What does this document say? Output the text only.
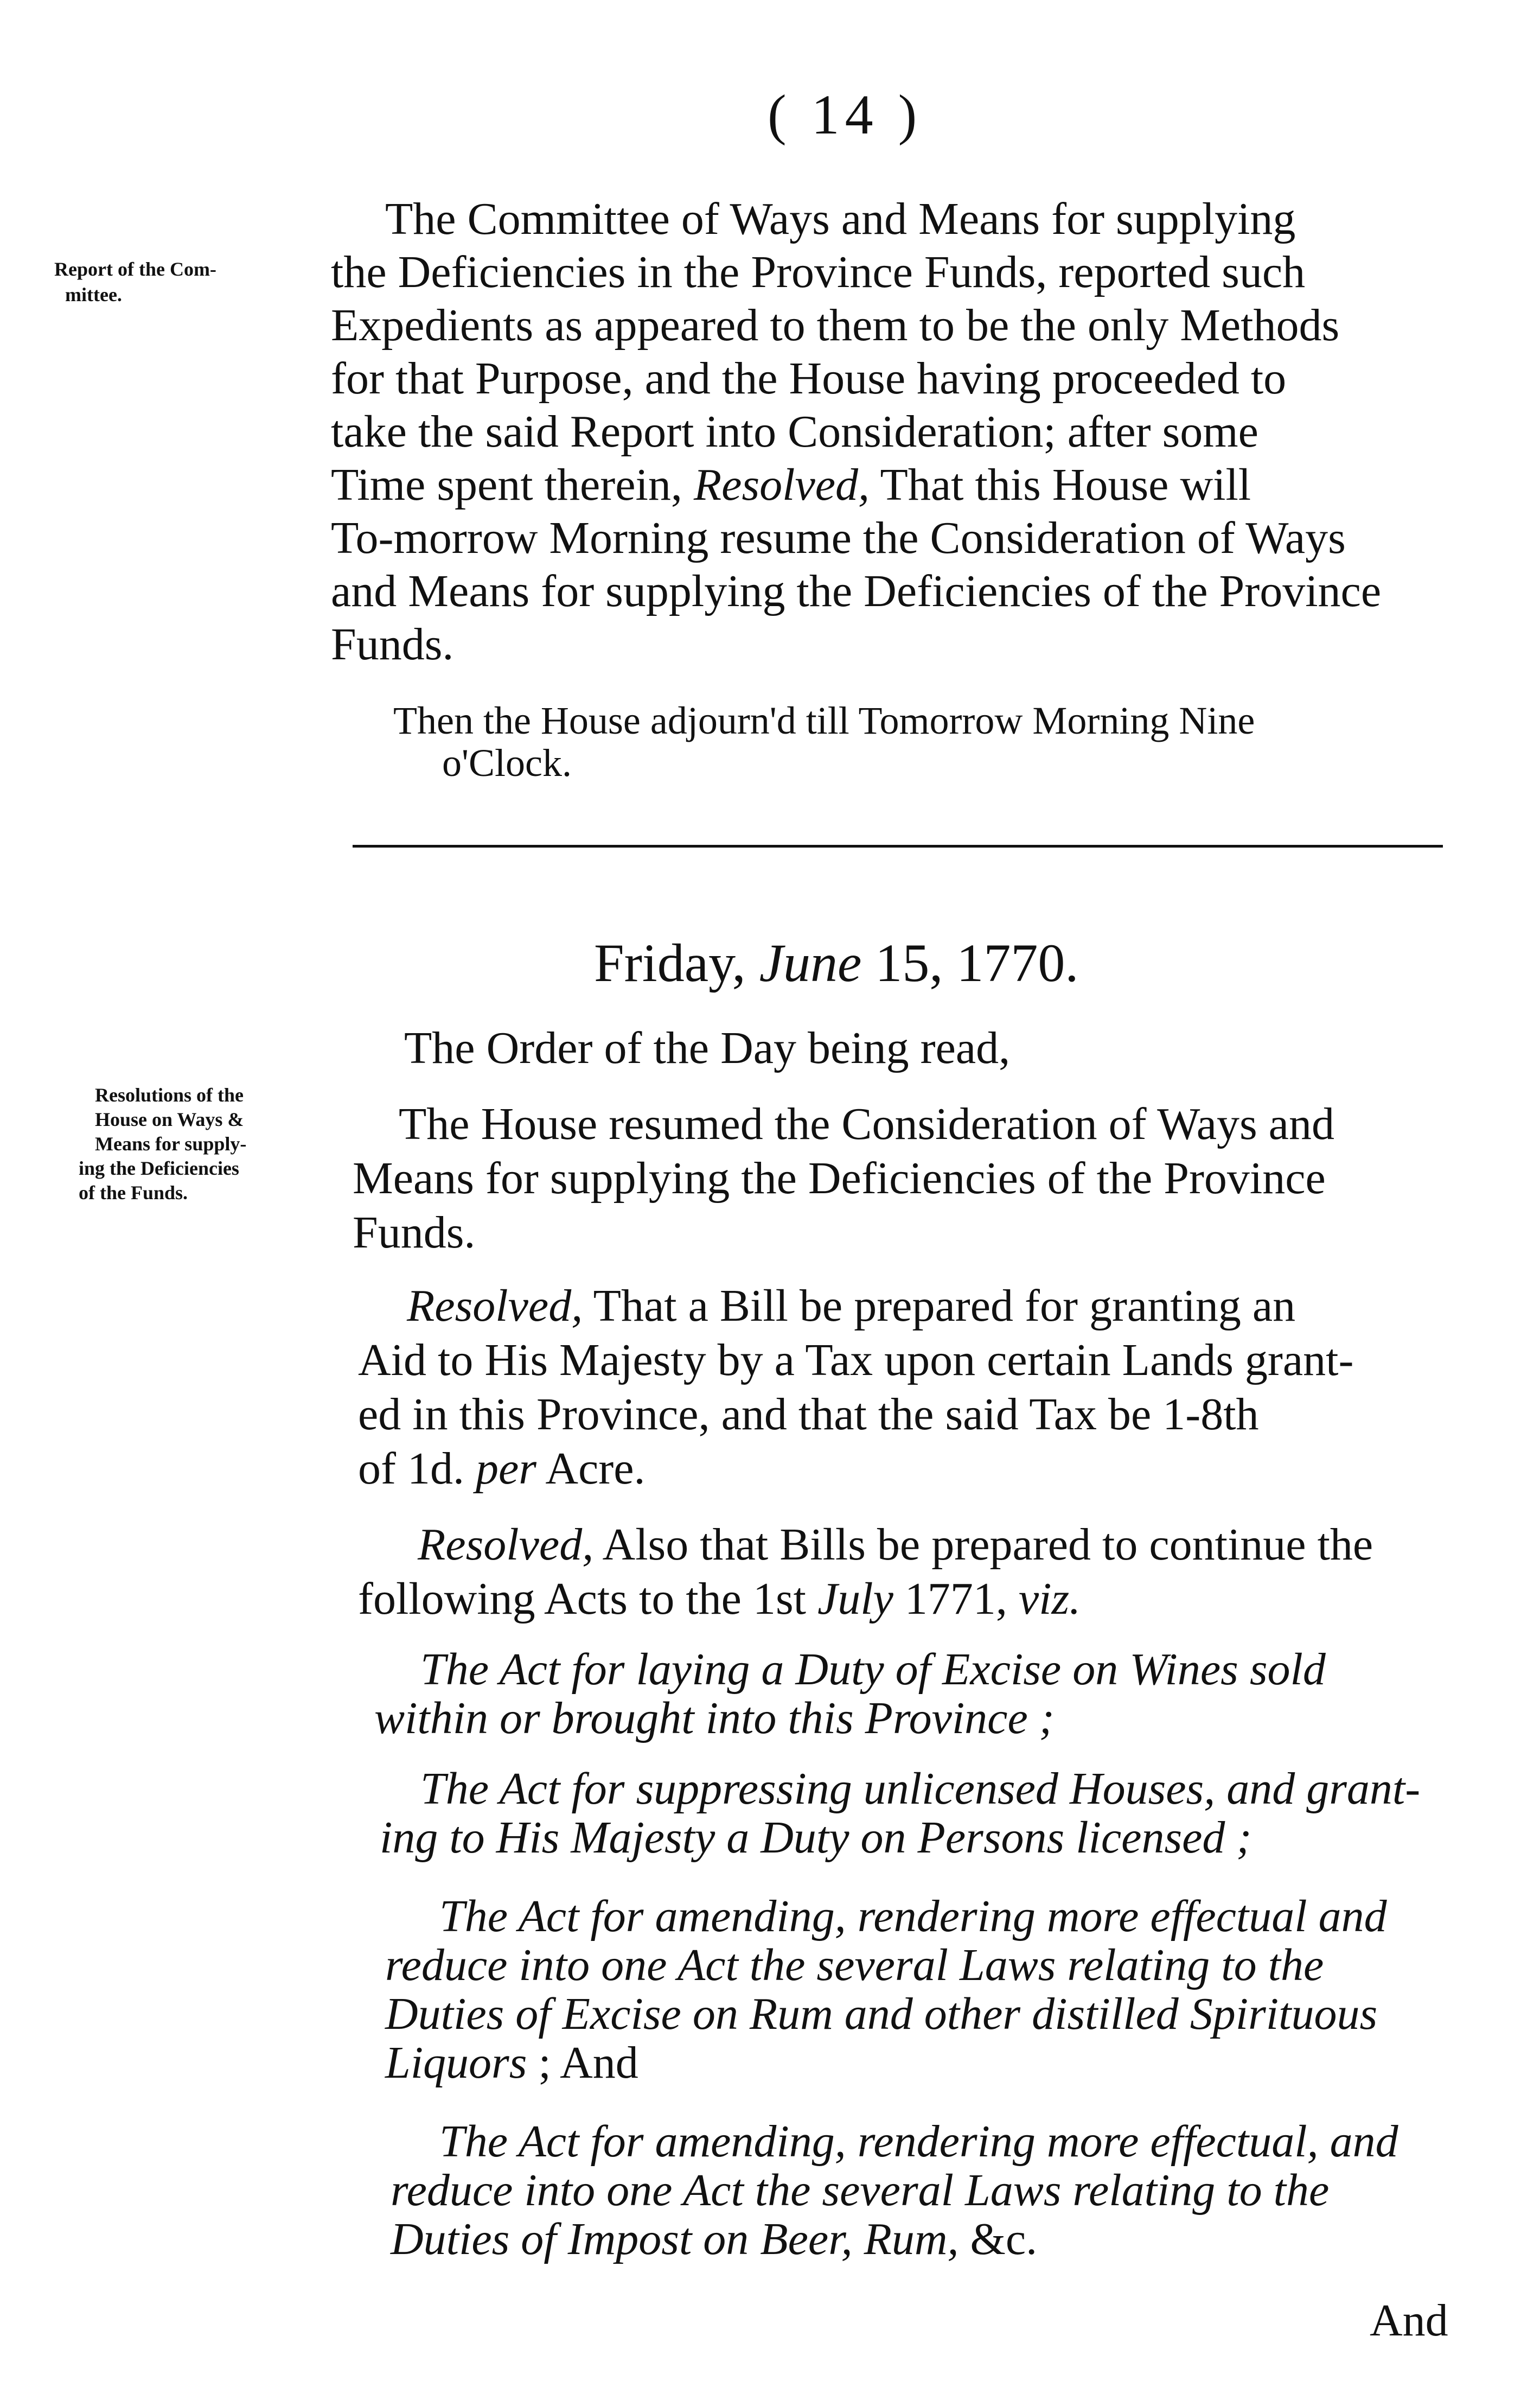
( 14 )
Report of the Com-
mittee.
The Committee of Ways and Means for supplying
the Deficiencies in the Province Funds, reported such
Expedients as appeared to them to be the only Methods
for that Purpose, and the House having proceeded to
take the said Report into Consideration; after some
Time spent therein, Resolved, That this House will
To-morrow Morning resume the Consideration of Ways
and Means for supplying the Deficiencies of the Province
Funds.
Then the House adjourn'd till Tomorrow Morning Nine
o'Clock.
Friday, June 15, 1770.
The Order of the Day being read,
Resolutions of the
House on Ways &
Means for supply-
ing the Deficiencies
of the Funds.
The House resumed the Consideration of Ways and
Means for supplying the Deficiencies of the Province
Funds.
Resolved, That a Bill be prepared for granting an
Aid to His Majesty by a Tax upon certain Lands grant-
ed in this Province, and that the said Tax be 1-8th
of 1d. per Acre.
Resolved, Also that Bills be prepared to continue the
following Acts to the 1st July 1771, viz.
The Act for laying a Duty of Excise on Wines sold
within or brought into this Province ;
The Act for suppressing unlicensed Houses, and grant-
ing to His Majesty a Duty on Persons licensed ;
The Act for amending, rendering more effectual and
reduce into one Act the several Laws relating to the
Duties of Excise on Rum and other distilled Spirituous
Liquors ; And
The Act for amending, rendering more effectual, and
reduce into one Act the several Laws relating to the
Duties of Impost on Beer, Rum, &c.
And
